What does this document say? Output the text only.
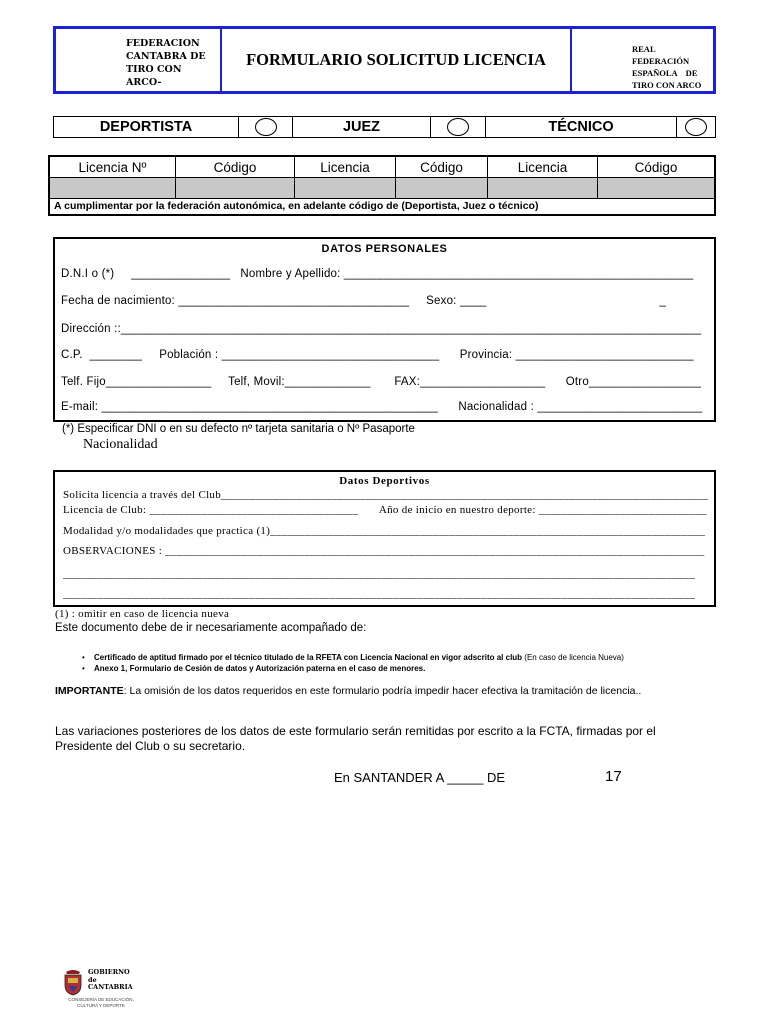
FEDERACION
CANTABRA DE
TIRO CON
ARCO-
FORMULARIO SOLICITUD LICENCIA
REAL
FEDERACIÓN
ESPAÑOLA    DE
TIRO CON ARCO
DEPORTISTA	JUEZ	TÉCNICO
Licencia Nº	Código	Licencia	Código	Licencia	Código
A cumplimentar por la federación autonómica, en adelante código de (Deportista, Juez o técnico)
DATOS PERSONALES
D.N.I o (*)     _______________   Nombre y Apellido: _____________________________________________________
Fecha de nacimiento: ___________________________________     Sexo: ____                                                   _
Dirección ::________________________________________________________________________________________
C.P.  ________     Población : _________________________________      Provincia: ___________________________
Telf. Fijo________________     Telf, Movil:_____________       FAX:___________________      Otro_________________
E-mail: ___________________________________________________      Nacionalidad : _________________________
(*) Especificar DNI o en su defecto nº tarjeta sanitaria o Nº Pasaporte
Nacionalidad
Datos Deportivos
Solicita licencia a través del Club____________________________________________________________________________________
Licencia de Club: ____________________________________       Año de inicio en nuestro deporte: _____________________________
Modalidad y/o modalidades que practica (1)___________________________________________________________________________
OBSERVACIONES : _____________________________________________________________________________________________
_____________________________________________________________________________________________________________
_____________________________________________________________________________________________________________
(1) : omitir en caso de licencia nueva
Este documento debe de ir necesariamente acompañado de:
• Certificado de aptitud firmado por el técnico titulado de la RFETA con Licencia Nacional en vigor adscrito al club (En caso de licencia Nueva)
• Anexo 1, Formulario de Cesión de datos y Autorización paterna en el caso de menores.
IMPORTANTE: La omisión de los datos requeridos en este formulario podría impedir hacer efectiva la tramitación de licencia..
Las variaciones posteriores de los datos de este formulario serán remitidas por escrito a la FCTA, firmadas por el Presidente del Club o su secretario.
En SANTANDER A _____ DE	17
GOBIERNO
de
CANTABRIA
CONSEJERÍA DE EDUCACIÓN,
CULTURA Y DEPORTE
